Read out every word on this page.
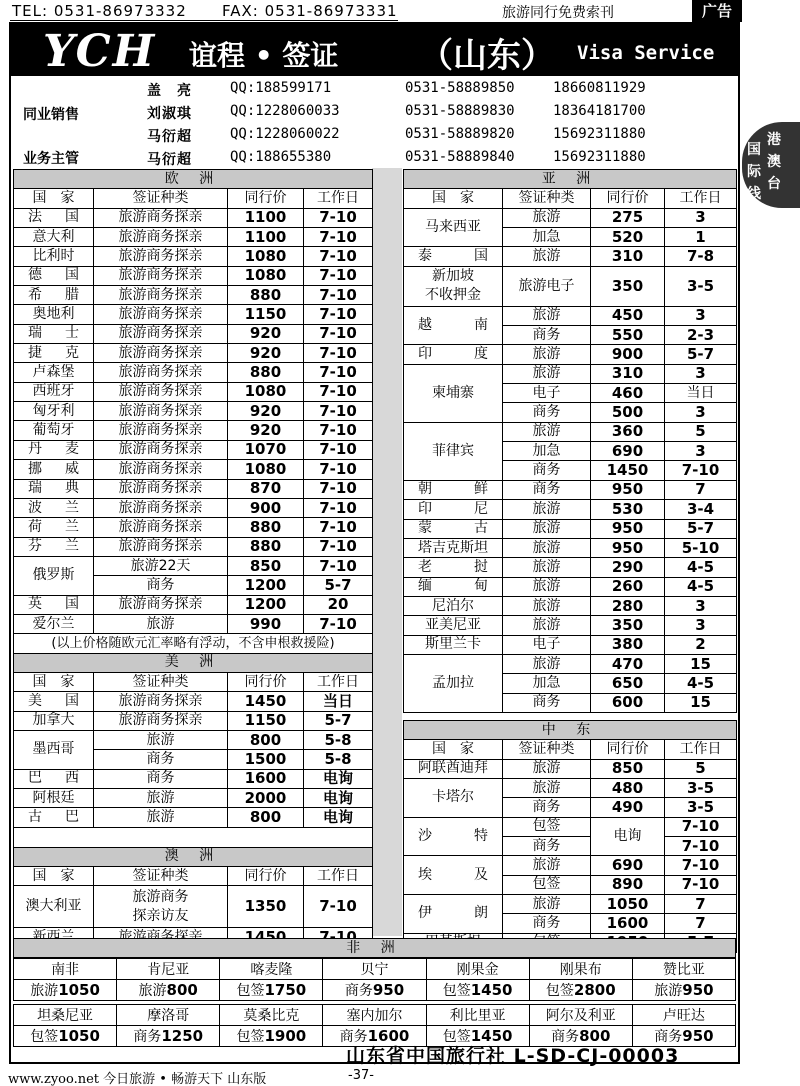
TEL: 0531-86973332 FAX: 0531-86973331	旅游同行免费索刊	广告
YCH 谊程 • 签证 （山东） Visa Service
同业销售
业务主管
盖　亮	QQ:188599171	0531-58889850	18660811929
刘淑琪	QQ:1228060033	0531-58889830	18364181700
马衍超	QQ:1228060022	0531-58889820	15692311880
马衍超	QQ:188655380	0531-58889840	15692311880
欧 洲			
国　家	签证种类	同行价	工作日
法国	旅游商务探亲	1100	7-10
意大利	旅游商务探亲	1100	7-10
比利时	旅游商务探亲	1080	7-10
德国	旅游商务探亲	1080	7-10
希腊	旅游商务探亲	880	7-10
奥地利	旅游商务探亲	1150	7-10
瑞士	旅游商务探亲	920	7-10
捷克	旅游商务探亲	920	7-10
卢森堡	旅游商务探亲	880	7-10
西班牙	旅游商务探亲	1080	7-10
匈牙利	旅游商务探亲	920	7-10
葡萄牙	旅游商务探亲	920	7-10
丹麦	旅游商务探亲	1070	7-10
挪威	旅游商务探亲	1080	7-10
瑞典	旅游商务探亲	870	7-10
波兰	旅游商务探亲	900	7-10
荷兰	旅游商务探亲	880	7-10
芬兰	旅游商务探亲	880	7-10
俄罗斯	旅游22天	850	7-10
	商务	1200	5-7
英国	旅游商务探亲	1200	20
爱尔兰	旅游	990	7-10
(以上价格随欧元汇率略有浮动，不含申根救援险)			
美 洲			
国　家	签证种类	同行价	工作日
美国	旅游商务探亲	1450	当日
加拿大	旅游商务探亲	1150	5-7
墨西哥	旅游	800	5-8
	商务	1500	5-8
巴西	商务	1600	电询
阿根廷	旅游	2000	电询
古巴	旅游	800	电询

澳 洲			
国　家	签证种类	同行价	工作日
澳大利亚	旅游商务
探亲访友	1350	7-10

亚 洲			
国　家	签证种类	同行价	工作日
马来西亚	旅游	275	3
	加急	520	1
泰国	旅游	310	7-8
新加坡
不收押金	旅游电子	350	3-5
越南	旅游	450	3
	商务	550	2-3
印度	旅游	900	5-7
柬埔寨	旅游	310	3
	电子	460	当日
	商务	500	3
菲律宾	旅游	360	5
	加急	690	3
	商务	1450	7-10
朝鲜	商务	950	7
印尼	旅游	530	3-4
蒙古	旅游	950	5-7
塔吉克斯坦	旅游	950	5-10
老挝	旅游	290	4-5
缅甸	旅游	260	4-5
尼泊尔	旅游	280	3
亚美尼亚	旅游	350	3
斯里兰卡	电子	380	2
孟加拉	旅游	470	15
	加急	650	4-5
	商务	600	15

中 东			
国　家	签证种类	同行价	工作日
阿联酋迪拜	旅游	850	5
卡塔尔	旅游	480	3-5
	商务	490	3-5
沙特	包签	电询	7-10
	商务		7-10
埃及	旅游	690	7-10
	包签	890	7-10
伊朗	旅游	1050	7
	商务	1600	7

非 洲
南非	肯尼亚	喀麦隆	贝宁	刚果金	刚果布	赞比亚
旅游1050	旅游800	包签1750	商务950	包签1450	包签2800	旅游950

坦桑尼亚	摩洛哥	莫桑比克	塞内加尔	利比里亚	阿尔及利亚	卢旺达
包签1050	商务1250	包签1900	商务1600	包签1450	商务800	商务950
山东省中国旅行社 L-SD-CJ-00003
港
澳
台
国
际
线
www.zyoo.net 今日旅游 • 畅游天下 山东版	-37-
